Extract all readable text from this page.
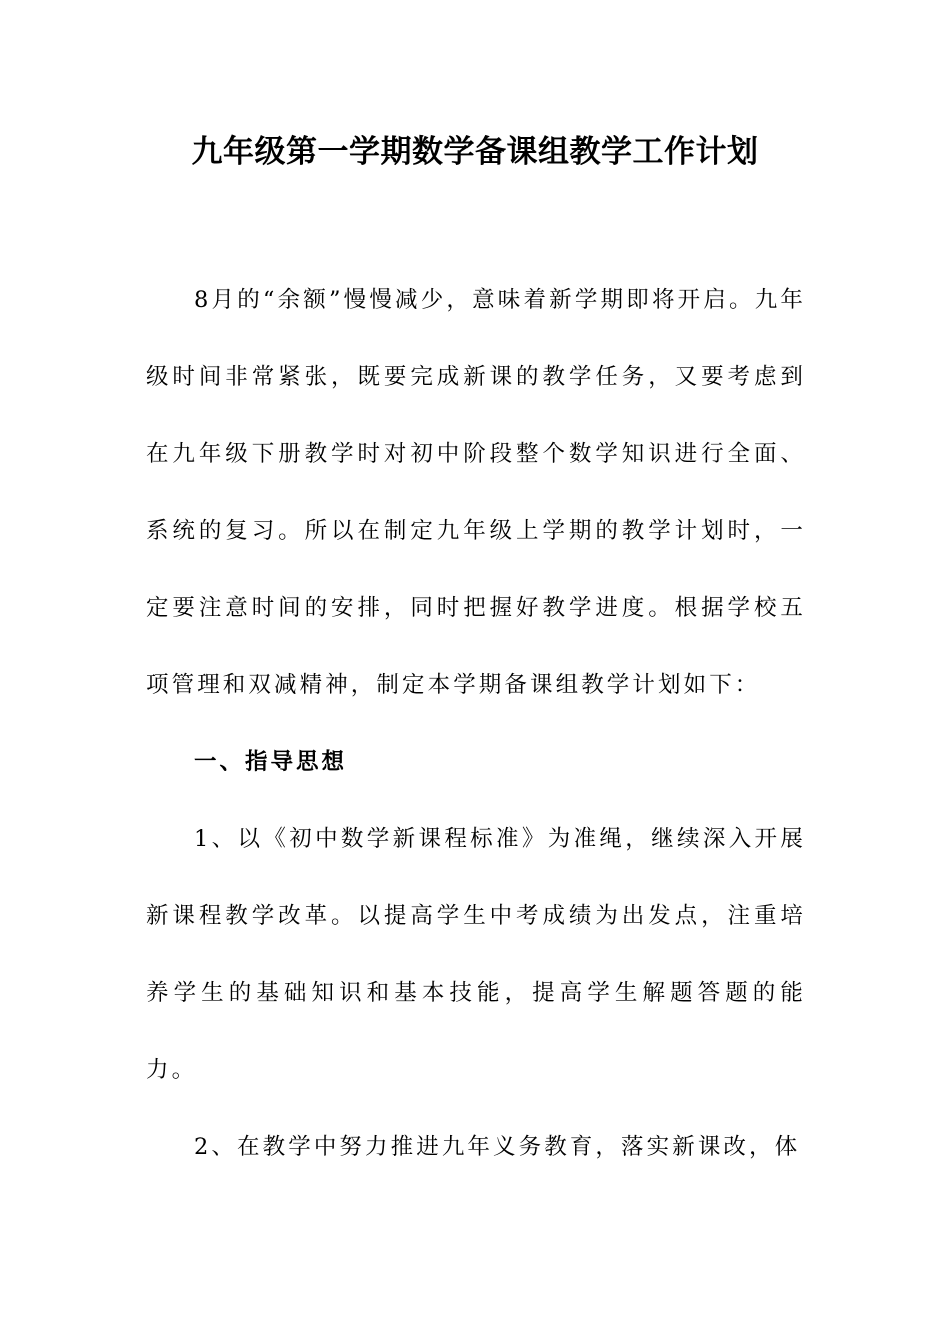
九年级第一学期数学备课组教学工作计划

8月的“余额”慢慢减少，意味着新学期即将开启。九年级时间非常紧张，既要完成新课的教学任务，又要考虑到在九年级下册教学时对初中阶段整个数学知识进行全面、系统的复习。所以在制定九年级上学期的教学计划时，一定要注意时间的安排，同时把握好教学进度。根据学校五项管理和双减精神，制定本学期备课组教学计划如下：

一、指导思想

1、以《初中数学新课程标准》为准绳，继续深入开展新课程教学改革。以提高学生中考成绩为出发点，注重培养学生的基础知识和基本技能，提高学生解题答题的能力。

2、在教学中努力推进九年义务教育，落实新课改，体
